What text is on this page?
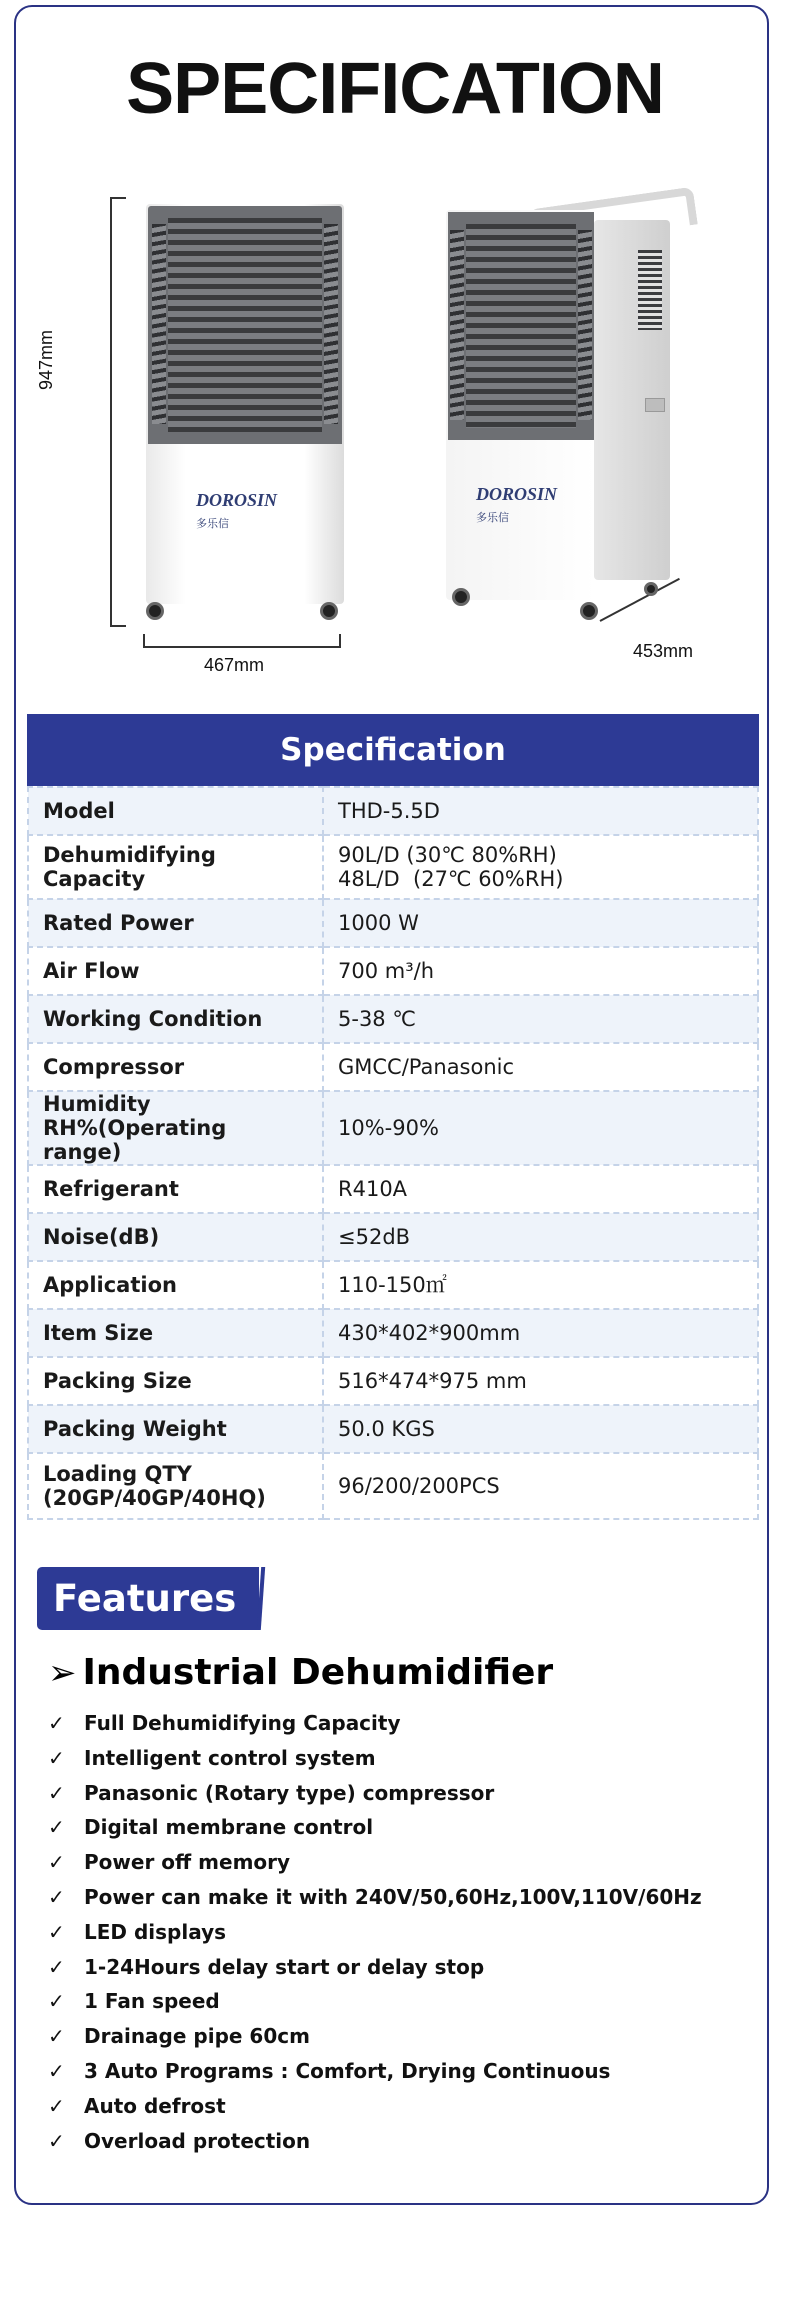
SPECIFICATION
947mm
467mm
453mm
DOROSIN
多乐信
DOROSIN
多乐信
Specification
Model	THD-5.5D
Dehumidifying Capacity	90L/D (30℃ 80%RH)
48L/D  (27℃ 60%RH)

Rated Power	1000 W
Air Flow	700 m³/h
Working Condition	5-38 ℃
Compressor	GMCC/Panasonic

Humidity
RH%(Operating range)	10%-90%
Refrigerant	R410A
Noise(dB)	≤52dB
Application	110-150㎡
Item Size	430*402*900mm
Packing Size	516*474*975 mm
Packing Weight	50.0 KGS

Loading QTY
(20GP/40GP/40HQ)	96/200/200PCS
Features
➢ Industrial Dehumidifier
✓ Full Dehumidifying Capacity
✓ Intelligent control system
✓ Panasonic (Rotary type) compressor
✓ Digital membrane control
✓ Power off memory
✓ Power can make it with 240V/50,60Hz,100V,110V/60Hz
✓ LED displays
✓ 1-24Hours delay start or delay stop
✓ 1 Fan speed
✓ Drainage pipe 60cm
✓ 3 Auto Programs : Comfort, Drying Continuous
✓ Auto defrost
✓ Overload protection
